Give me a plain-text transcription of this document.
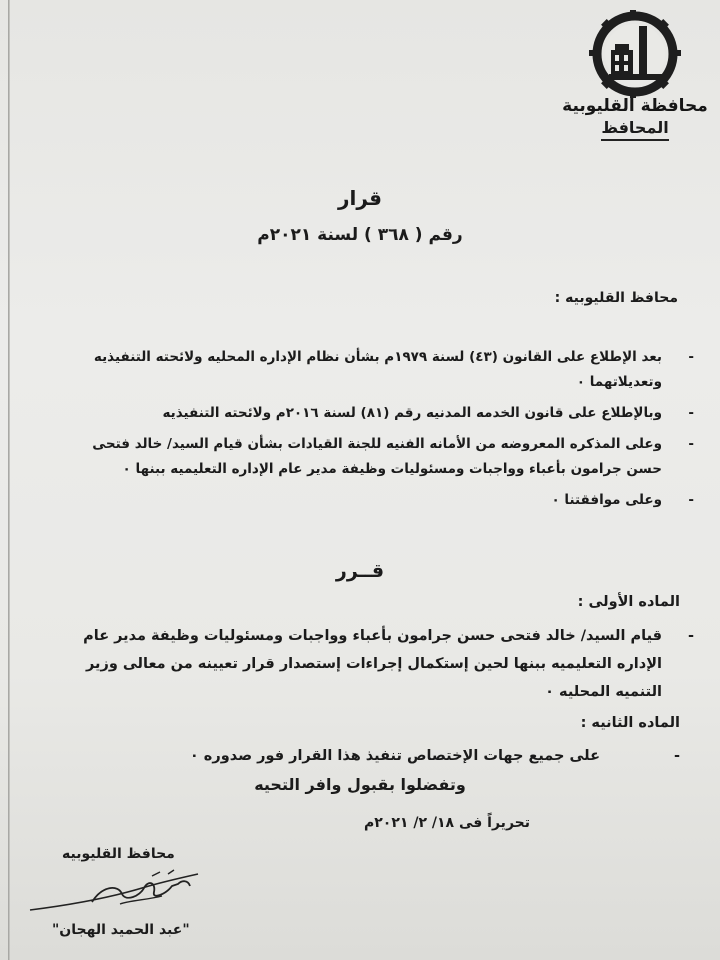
محافظة القليوبية
المحافظ
قرار
رقم ( ٣٦٨ ) لسنة ٢٠٢١م
محافظ القليوبيه :
-
بعد الإطلاع على القانون (٤٣) لسنة ١٩٧٩م بشأن نظام الإداره المحليه ولائحته التنفيذيه وتعديلاتهما ٠
-
وبالإطلاع على قانون الخدمه المدنيه رقم (٨١) لسنة ٢٠١٦م ولائحته التنفيذيه
-
وعلى المذكره المعروضه من الأمانه الفنيه للجنة القيادات بشأن قيام السيد/ خالد فتحى حسن جرامون بأعباء وواجبات ومسئوليات وظيفة مدير عام الإداره التعليميه ببنها ٠
-
وعلى موافقتنا ٠
قــرر
الماده الأولى :
-
قيام السيد/ خالد فتحى حسن جرامون بأعباء وواجبات ومسئوليات وظيفة مدير عام الإداره التعليميه ببنها لحين إستكمال إجراءات إستصدار قرار تعيينه من معالى وزير التنميه المحليه ٠
الماده الثانيه :
-
على جميع جهات الإختصاص تنفيذ هذا القرار فور صدوره ٠
وتفضلوا بقبول وافر التحيه
تحريراً فى ١٨/ ٢/ ٢٠٢١م
محافظ القليوبيه
"عبد الحميد الهجان"
